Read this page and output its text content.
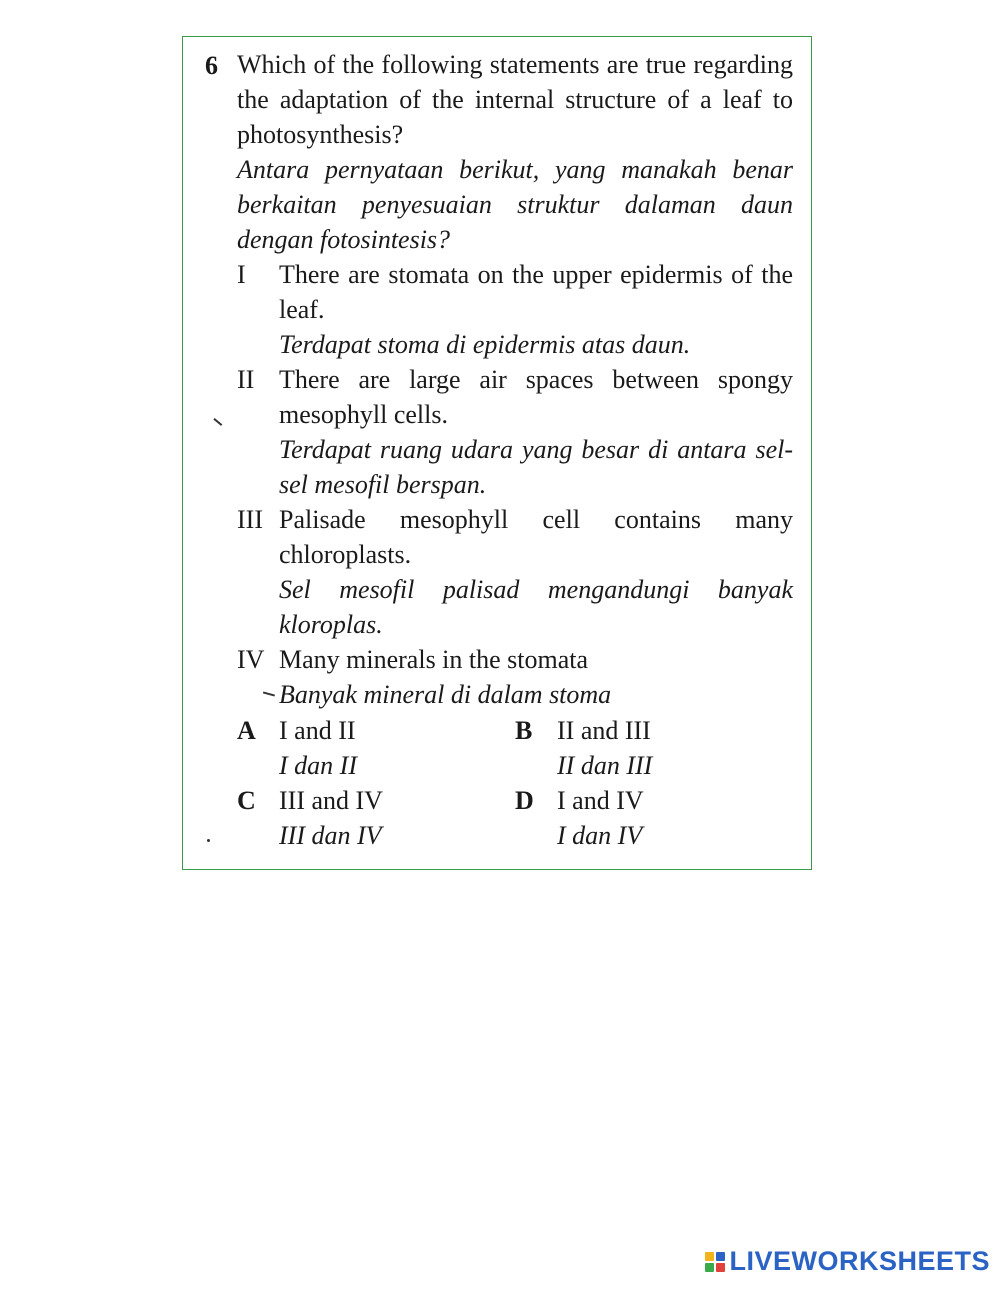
6 Which of the following statements are true regarding the adaptation of the internal structure of a leaf to photosynthesis?

Antara pernyataan berikut, yang manakah benar berkaitan penyesuaian struktur dalaman daun dengan fotosintesis?

I	There are stomata on the upper epidermis of the leaf.

Terdapat stoma di epidermis atas daun.

II There are large air spaces between spongy mesophyll cells.

Terdapat ruang udara yang besar di antara sel-sel mesofil berspan.

III Palisade mesophyll cell contains many chloroplasts.

Sel mesofil palisad mengandungi banyak kloroplas.

IV Many minerals in the stomata

Banyak mineral di dalam stoma

A I and II
I dan II
B II and III
II dan III
C III and IV
III dan IV
D I and IV
I dan IV
LIVEWORKSHEETS
